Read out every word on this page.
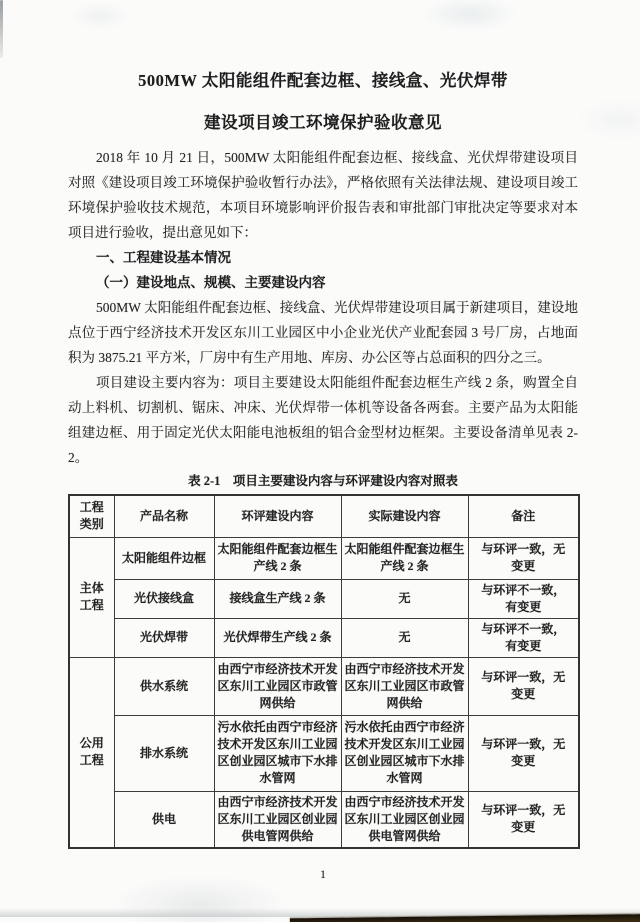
500MW 太阳能组件配套边框、接线盒、光伏焊带
建设项目竣工环境保护验收意见

2018 年 10 月 21 日，500MW 太阳能组件配套边框、接线盒、光伏焊带建设项目对照《建设项目竣工环境保护验收暂行办法》，严格依照有关法律法规、建设项目竣工环境保护验收技术规范，本项目环境影响评价报告表和审批部门审批决定等要求对本项目进行验收，提出意见如下：

一、工程建设基本情况
（一）建设地点、规模、主要建设内容

500MW 太阳能组件配套边框、接线盒、光伏焊带建设项目属于新建项目，建设地点位于西宁经济技术开发区东川工业园区中小企业光伏产业配套园 3 号厂房，占地面积为 3875.21 平方米，厂房中有生产用地、库房、办公区等占总面积的四分之三。

项目建设主要内容为：项目主要建设太阳能组件配套边框生产线 2 条，购置全自动上料机、切割机、锯床、冲床、光伏焊带一体机等设备各两套。主要产品为太阳能组建边框、用于固定光伏太阳能电池板组的铝合金型材边框架。主要设备清单见表 2-2。

表 2-1　项目主要建设内容与环评建设内容对照表
工程类别	产品名称	环评建设内容	实际建设内容	备注
主体工程	太阳能组件边框	太阳能组件配套边框生产线 2 条	太阳能组件配套边框生产线 2 条	与环评一致，无变更
	光伏接线盒	接线盒生产线 2 条	无	与环评不一致，有变更
	光伏焊带	光伏焊带生产线 2 条	无	与环评不一致，有变更
公用工程	供水系统	由西宁市经济技术开发区东川工业园区市政管网供给	由西宁市经济技术开发区东川工业园区市政管网供给	与环评一致，无变更
	排水系统	污水依托由西宁市经济技术开发区东川工业园区创业园区城市下水排水管网	污水依托由西宁市经济技术开发区东川工业园区创业园区城市下水排水管网	与环评一致，无变更
	供电	由西宁市经济技术开发区东川工业园区创业园供电管网供给	由西宁市经济技术开发区东川工业园区创业园供电管网供给	与环评一致，无变更
1
